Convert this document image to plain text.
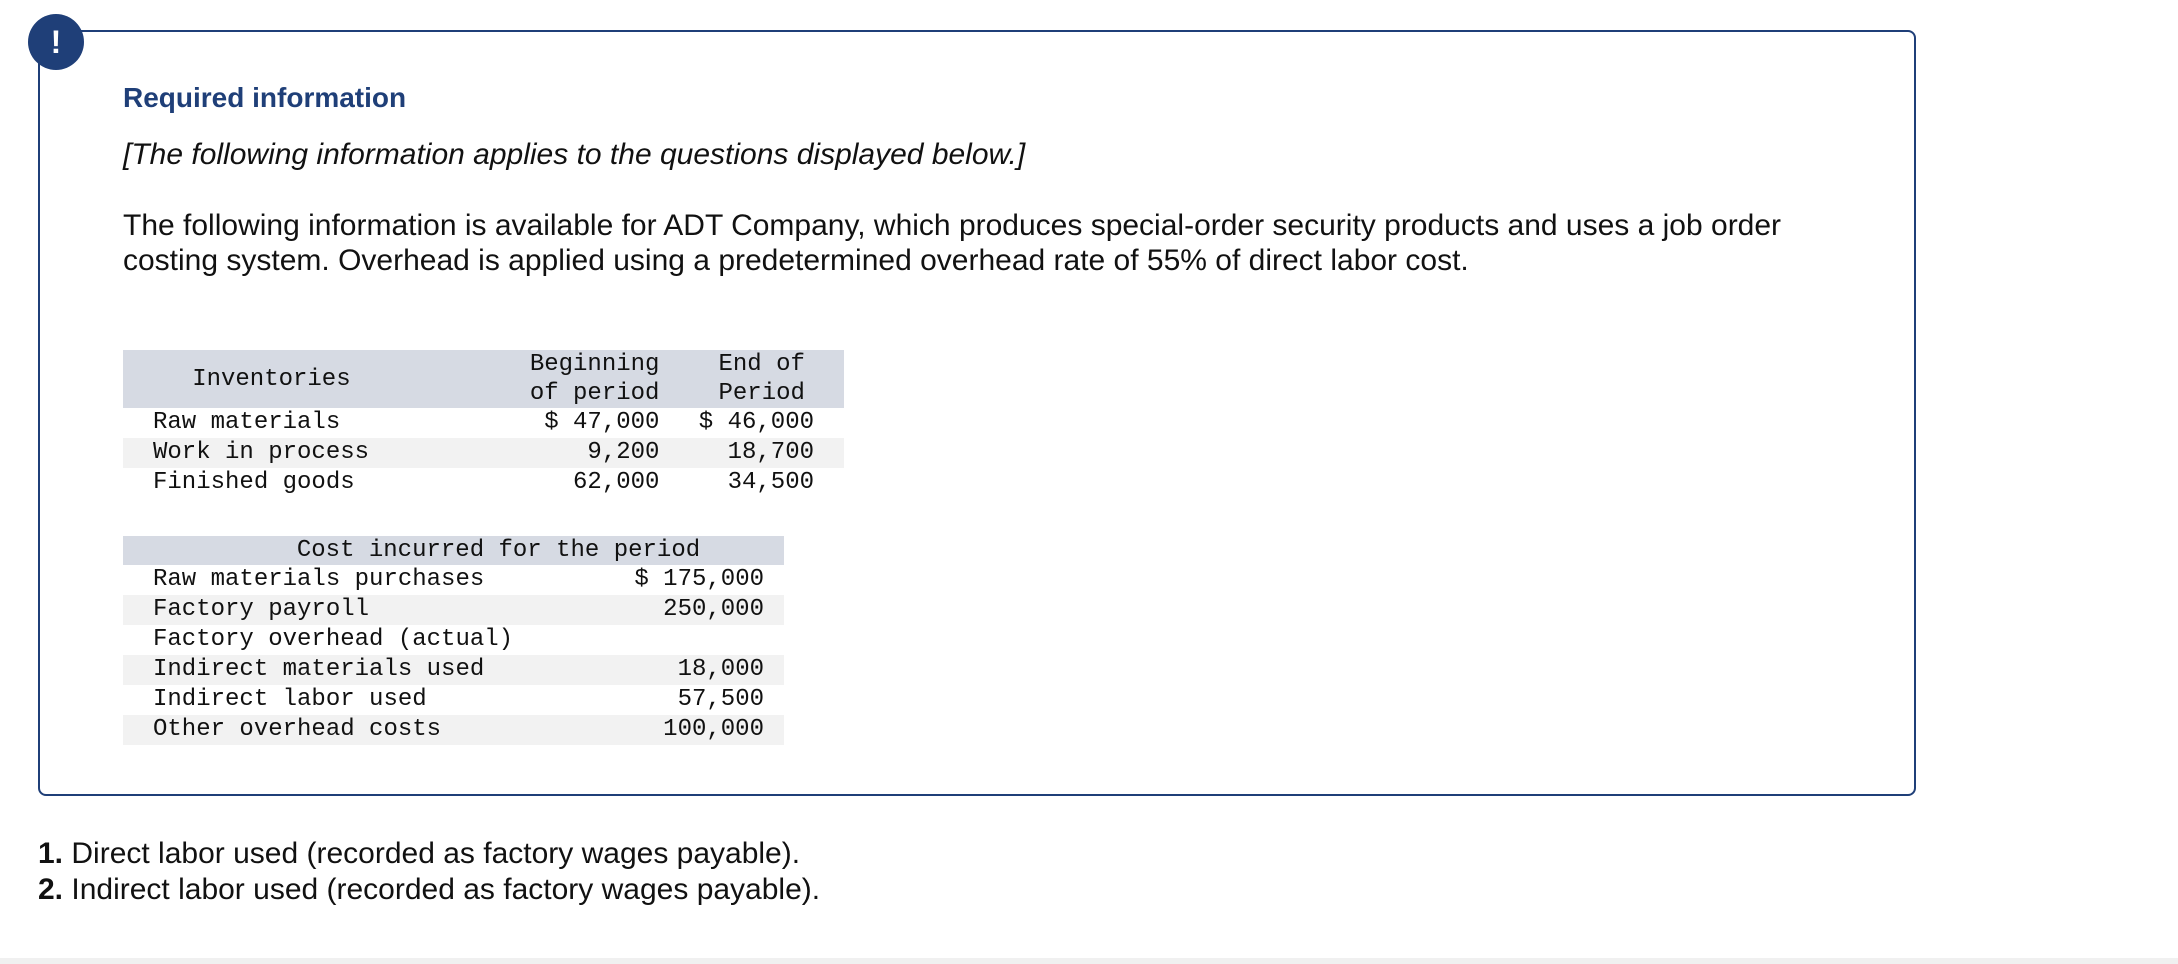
!
Required information

[The following information applies to the questions displayed below.]

The following information is available for ADT Company, which produces special-order security products and uses a job order costing system. Overhead is applied using a predetermined overhead rate of 55% of direct labor cost.

Inventories	Beginning of period	End of Period
Raw materials	$ 47,000	$ 46,000
Work in process	9,200	18,700
Finished goods	62,000	34,500
Cost incurred for the period	
Raw materials purchases	$ 175,000
Factory payroll	250,000
Factory overhead (actual)	
Indirect materials used	18,000
Indirect labor used	57,500
Other overhead costs	100,000
1. Direct labor used (recorded as factory wages payable).
2. Indirect labor used (recorded as factory wages payable).
